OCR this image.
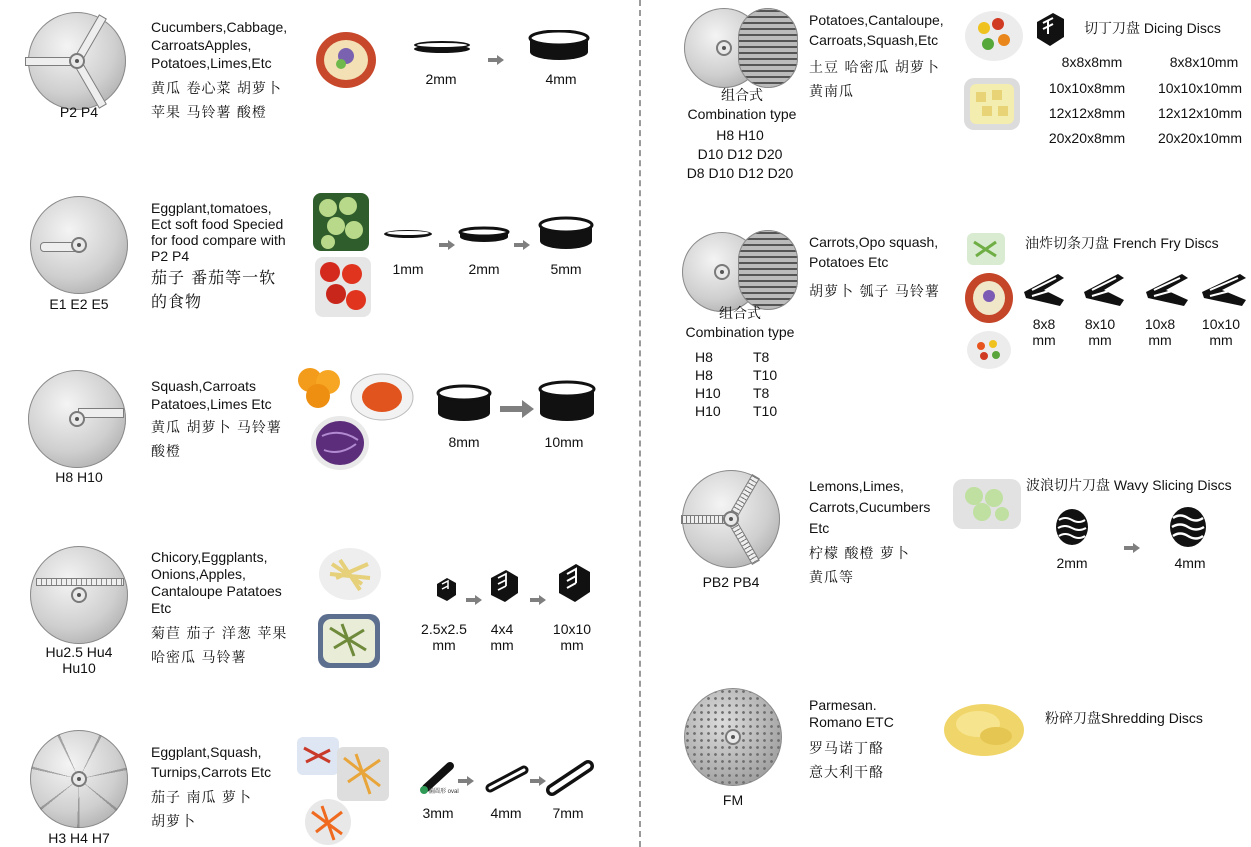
P2 P4
Cucumbers,Cabbage,
CarroatsApples,
Potatoes,Limes,Etc
黄瓜 卷心菜 胡萝卜
苹果 马铃薯 酸橙
2mm	4mm
E1 E2 E5
Eggplant,tomatoes,
Ect soft food Specied
for food compare with
P2 P4
茄子 番茄等一软
的食物
1mm	2mm	5mm
H8 H10
Squash,Carroats
Patatoes,Limes Etc
黄瓜 胡萝卜 马铃薯
酸橙
8mm	10mm
Hu2.5 Hu4
Hu10
Chicory,Eggplants,
Onions,Apples,
Cantaloupe Patatoes
Etc
菊苣 茄子 洋葱 苹果
哈密瓜 马铃薯
2.5x2.5
mm
4x4
mm
10x10
mm
H3 H4 H7
Eggplant,Squash,
Turnips,Carrots Etc
茄子 南瓜 萝卜
胡萝卜
椭圆形 oval
3mm	4mm	7mm
组合式
Combination type
H8 H10
D10 D12 D20
D8 D10 D12 D20
Potatoes,Cantaloupe,
Carroats,Squash,Etc
土豆 哈密瓜 胡萝卜
黄南瓜
切丁刀盘 Dicing Discs
8x8x8mm	8x8x10mm
10x10x8mm	10x10x10mm
12x12x8mm	12x12x10mm
20x20x8mm	20x20x10mm
组合式
Combination type
H8	T8
H8	T10
H10 T8
H10 T10
Carrots,Opo squash,
Potatoes Etc
胡萝卜 瓠子 马铃薯
油炸切条刀盘 French Fry Discs
8x8
mm
8x10
mm
10x8
mm
10x10
mm
PB2 PB4
Lemons,Limes,
Carrots,Cucumbers
Etc
柠檬 酸橙 萝卜
黄瓜等
波浪切片刀盘 Wavy Slicing Discs
2mm	4mm
FM
Parmesan.
Romano ETC
罗马诺丁酪
意大利干酪
粉碎刀盘Shredding Discs
